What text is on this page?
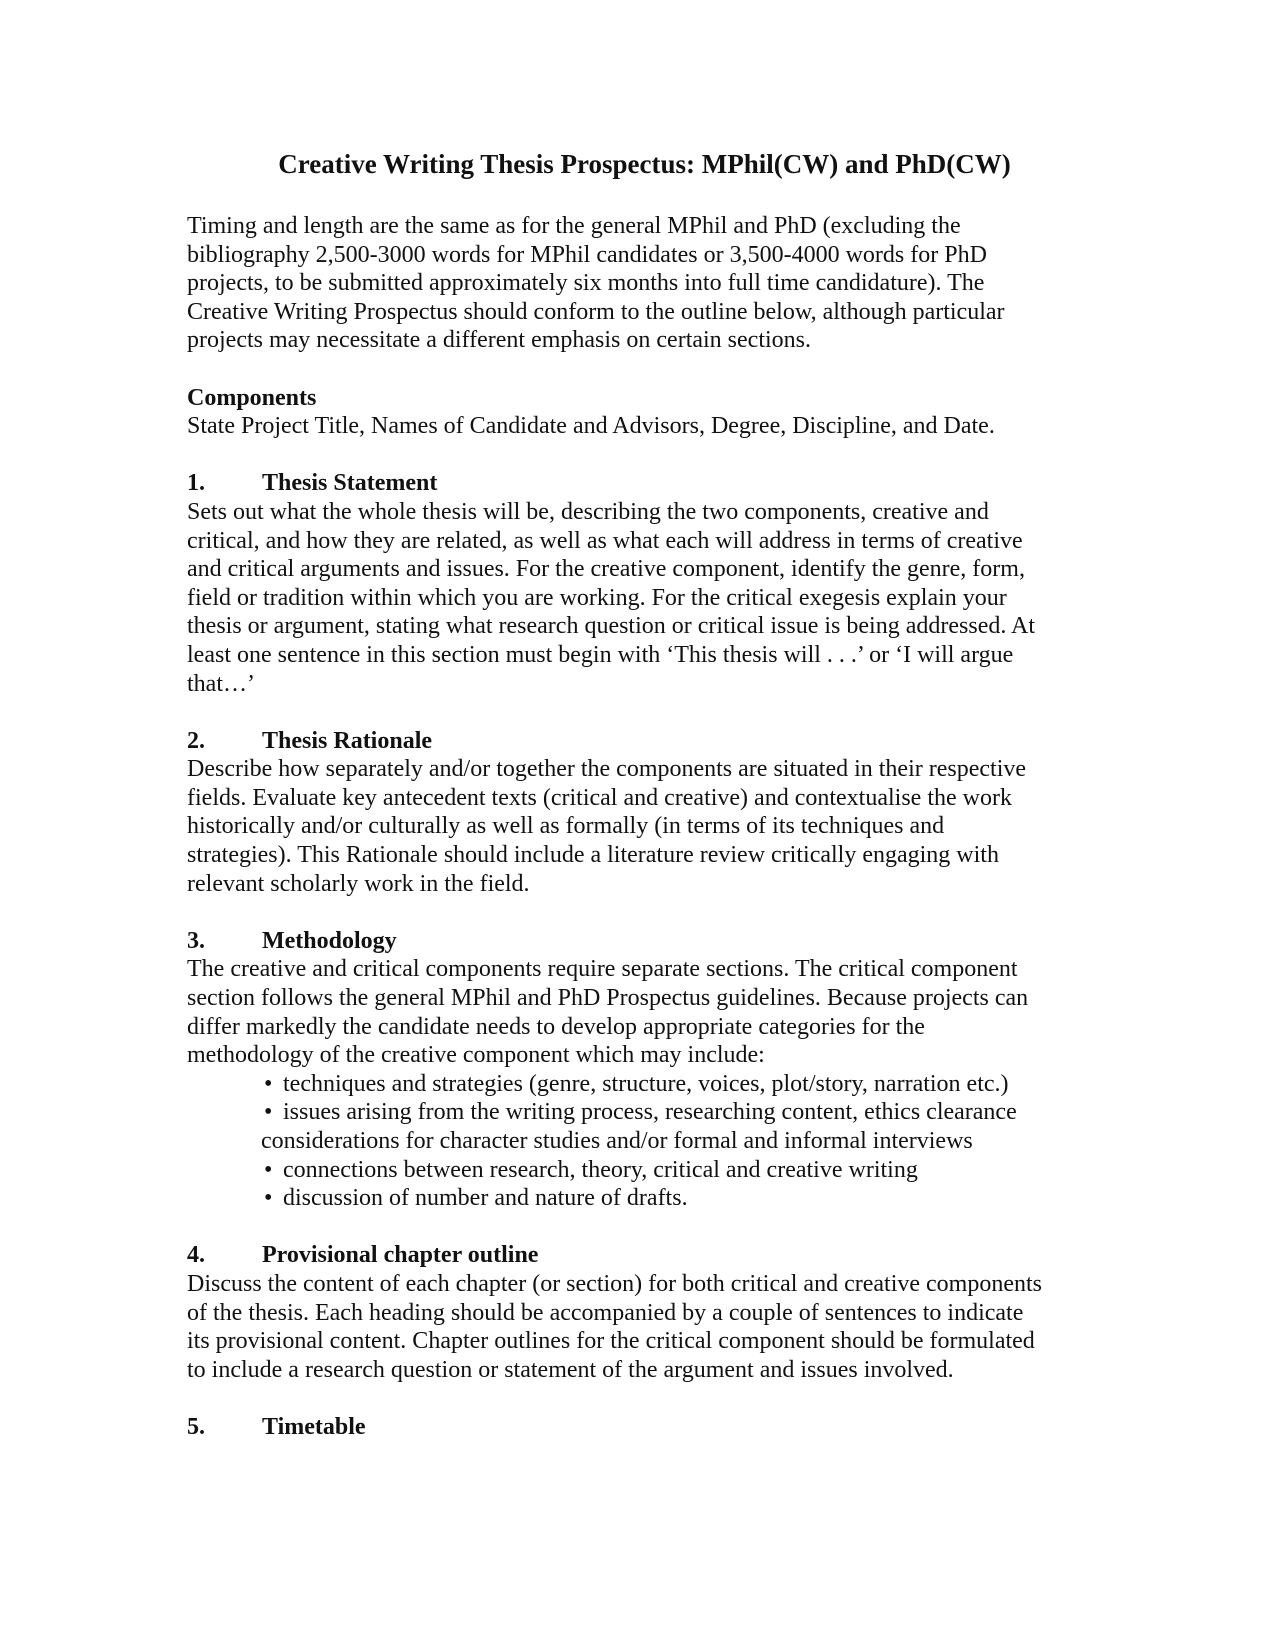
Creative Writing Thesis Prospectus: MPhil(CW) and PhD(CW)

Timing and length are the same as for the general MPhil and PhD (excluding the
bibliography 2,500-3000 words for MPhil candidates or 3,500-4000 words for PhD
projects, to be submitted approximately six months into full time candidature). The
Creative Writing Prospectus should conform to the outline below, although particular
projects may necessitate a different emphasis on certain sections.

Components

State Project Title, Names of Candidate and Advisors, Degree, Discipline, and Date.

1.	Thesis Statement

Sets out what the whole thesis will be, describing the two components, creative and
critical, and how they are related, as well as what each will address in terms of creative
and critical arguments and issues. For the creative component, identify the genre, form,
field or tradition within which you are working. For the critical exegesis explain your
thesis or argument, stating what research question or critical issue is being addressed. At
least one sentence in this section must begin with ‘This thesis will . . .’ or ‘I will argue
that…’

2.	Thesis Rationale

Describe how separately and/or together the components are situated in their respective
fields. Evaluate key antecedent texts (critical and creative) and contextualise the work
historically and/or culturally as well as formally (in terms of its techniques and
strategies). This Rationale should include a literature review critically engaging with
relevant scholarly work in the field.

3.	Methodology

The creative and critical components require separate sections. The critical component
section follows the general MPhil and PhD Prospectus guidelines. Because projects can
differ markedly the candidate needs to develop appropriate categories for the
methodology of the creative component which may include:

• techniques and strategies (genre, structure, voices, plot/story, narration etc.)
• issues arising from the writing process, researching content, ethics clearance
considerations for character studies and/or formal and informal interviews
• connections between research, theory, critical and creative writing
• discussion of number and nature of drafts.

4.	Provisional chapter outline

Discuss the content of each chapter (or section) for both critical and creative components
of the thesis. Each heading should be accompanied by a couple of sentences to indicate
its provisional content. Chapter outlines for the critical component should be formulated
to include a research question or statement of the argument and issues involved.

5.	Timetable
